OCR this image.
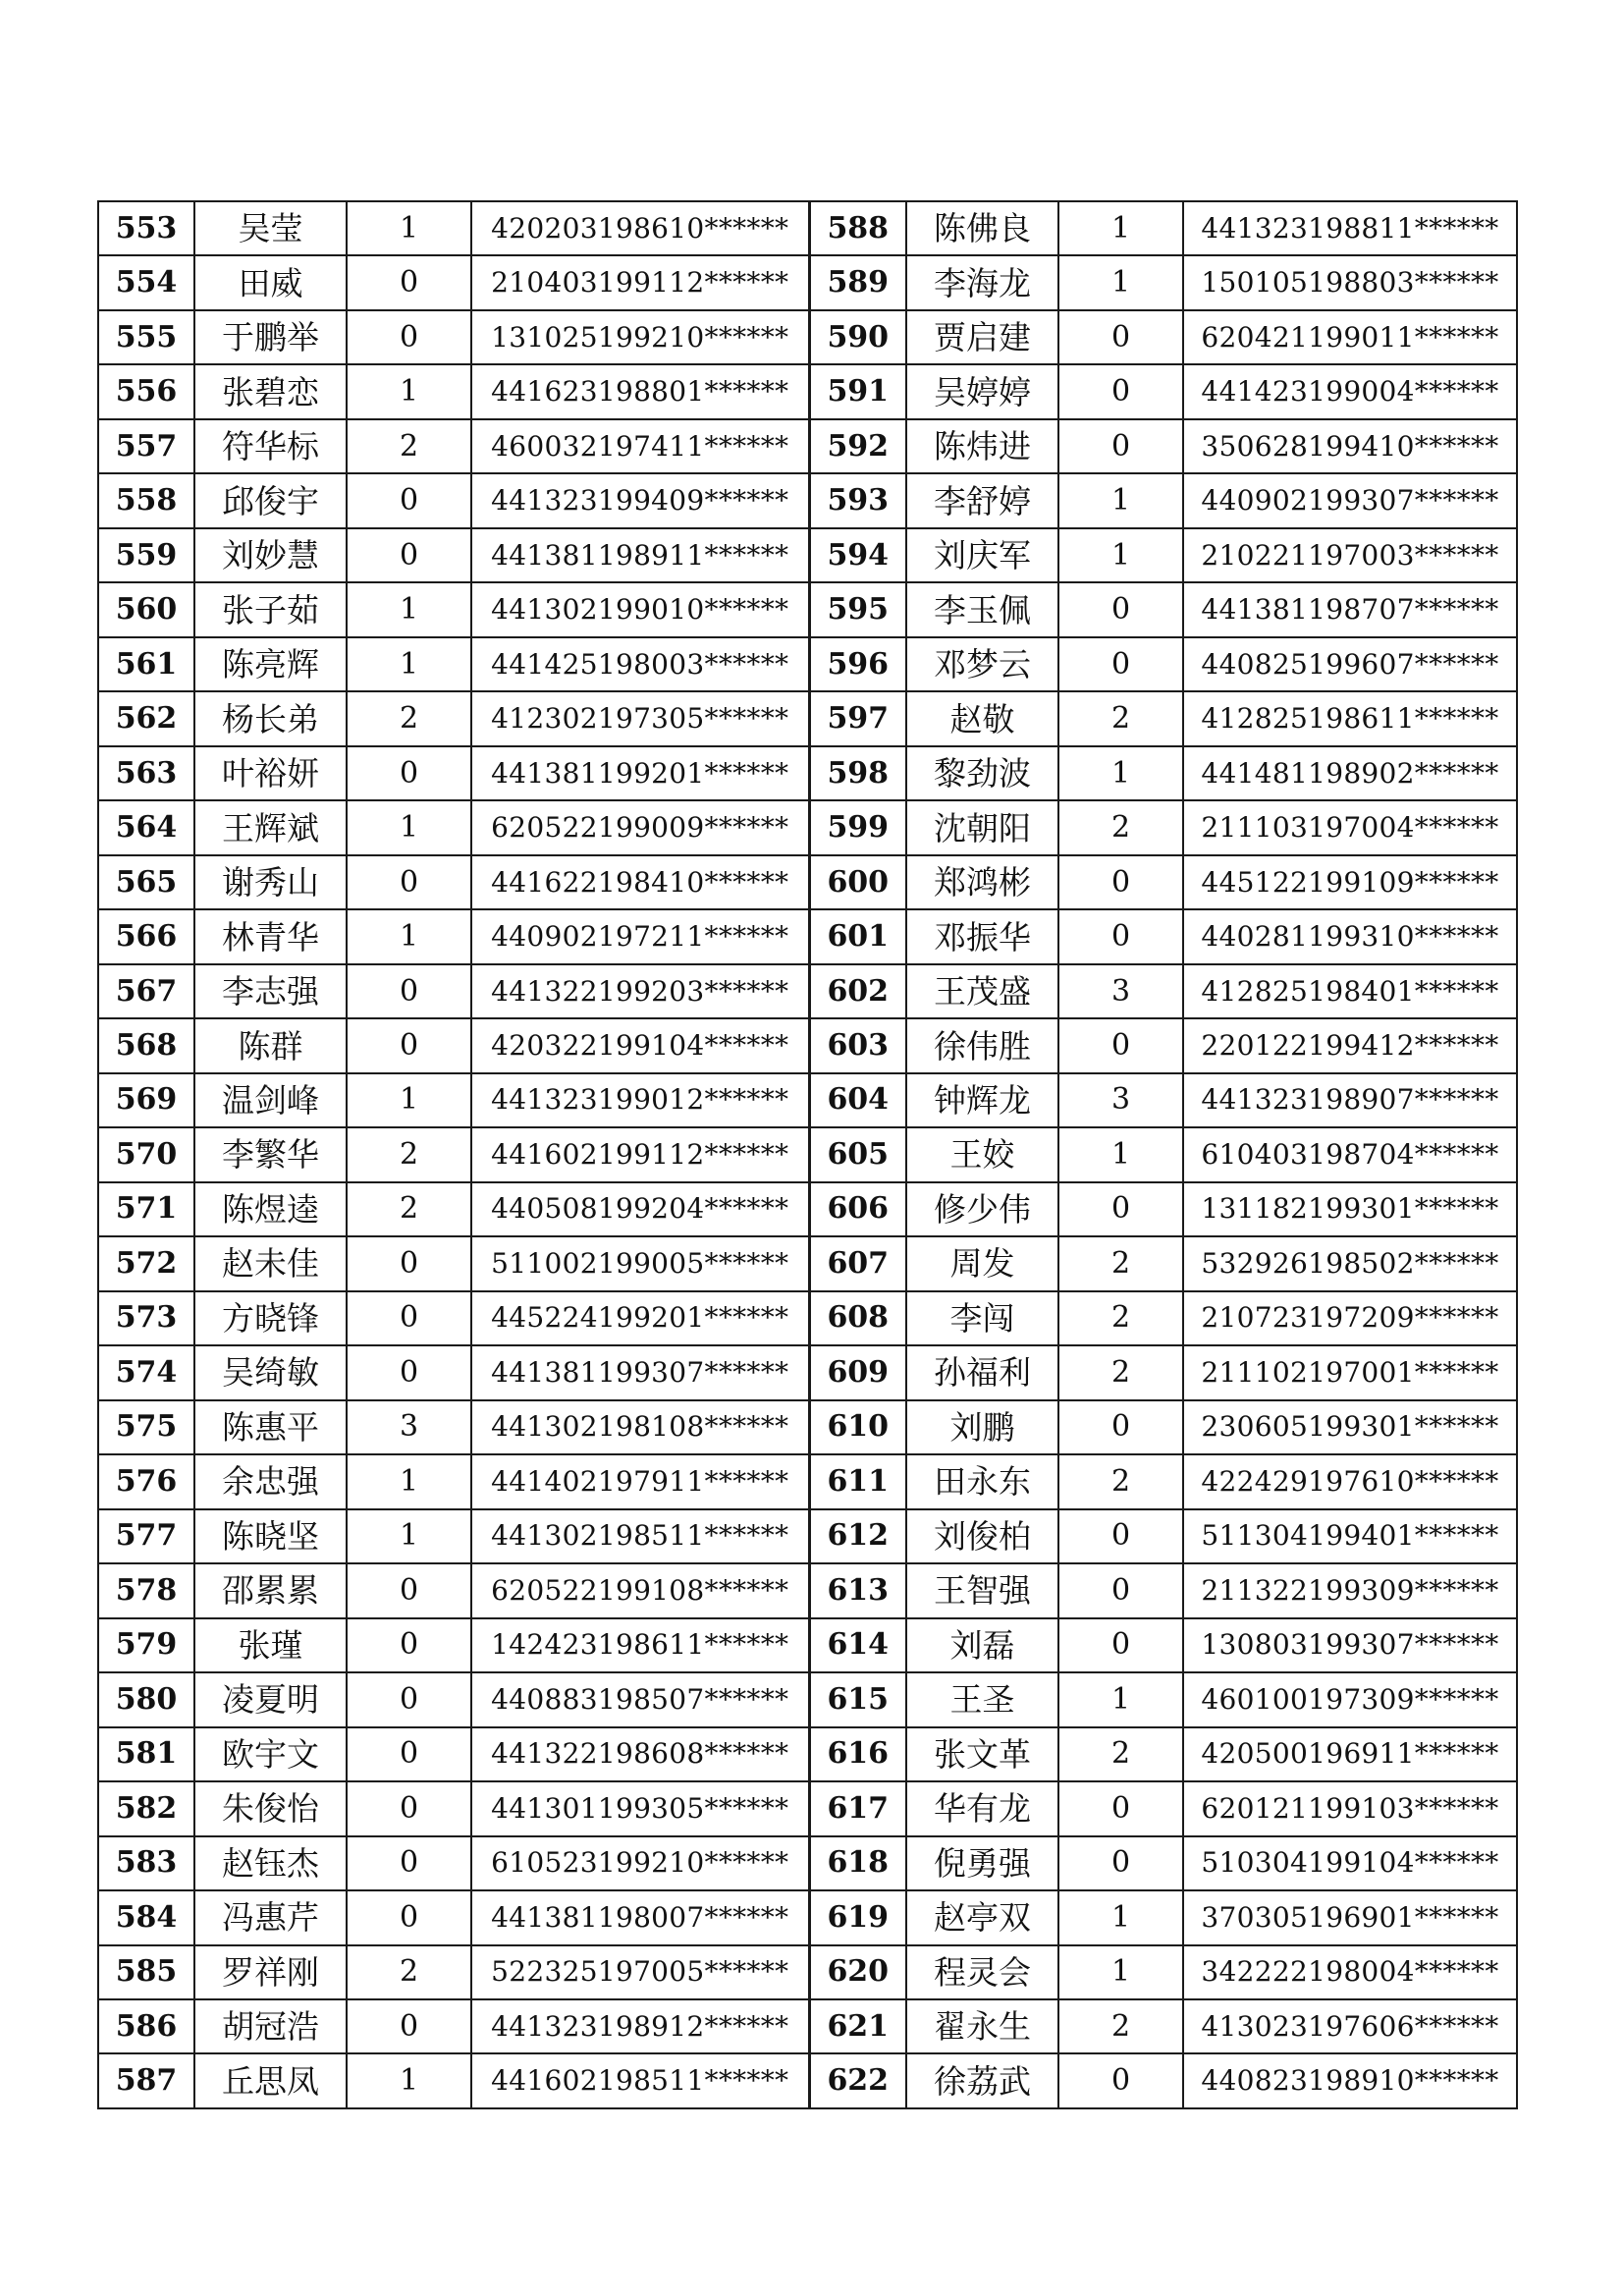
553	吴莹	1	420203198610******	588	陈佛良	1	441323198811******
554	田威	0	210403199112******	589	李海龙	1	150105198803******
555	于鹏举	0	131025199210******	590	贾启建	0	620421199011******
556	张碧恋	1	441623198801******	591	吴婷婷	0	441423199004******
557	符华标	2	460032197411******	592	陈炜进	0	350628199410******
558	邱俊宇	0	441323199409******	593	李舒婷	1	440902199307******
559	刘妙慧	0	441381198911******	594	刘庆军	1	210221197003******
560	张子茹	1	441302199010******	595	李玉佩	0	441381198707******
561	陈亮辉	1	441425198003******	596	邓梦云	0	440825199607******
562	杨长弟	2	412302197305******	597	赵敬	2	412825198611******
563	叶裕妍	0	441381199201******	598	黎劲波	1	441481198902******
564	王辉斌	1	620522199009******	599	沈朝阳	2	211103197004******
565	谢秀山	0	441622198410******	600	郑鸿彬	0	445122199109******
566	林青华	1	440902197211******	601	邓振华	0	440281199310******
567	李志强	0	441322199203******	602	王茂盛	3	412825198401******
568	陈群	0	420322199104******	603	徐伟胜	0	220122199412******
569	温剑峰	1	441323199012******	604	钟辉龙	3	441323198907******
570	李繁华	2	441602199112******	605	王姣	1	610403198704******
571	陈煜逵	2	440508199204******	606	修少伟	0	131182199301******
572	赵未佳	0	511002199005******	607	周发	2	532926198502******
573	方晓锋	0	445224199201******	608	李闯	2	210723197209******
574	吴绮敏	0	441381199307******	609	孙福利	2	211102197001******
575	陈惠平	3	441302198108******	610	刘鹏	0	230605199301******
576	余忠强	1	441402197911******	611	田永东	2	422429197610******
577	陈晓坚	1	441302198511******	612	刘俊柏	0	511304199401******
578	邵累累	0	620522199108******	613	王智强	0	211322199309******
579	张瑾	0	142423198611******	614	刘磊	0	130803199307******
580	凌夏明	0	440883198507******	615	王圣	1	460100197309******
581	欧宇文	0	441322198608******	616	张文革	2	420500196911******
582	朱俊怡	0	441301199305******	617	华有龙	0	620121199103******
583	赵钰杰	0	610523199210******	618	倪勇强	0	510304199104******
584	冯惠芹	0	441381198007******	619	赵亭双	1	370305196901******
585	罗祥刚	2	522325197005******	620	程灵会	1	342222198004******
586	胡冠浩	0	441323198912******	621	翟永生	2	413023197606******
587	丘思凤	1	441602198511******	622	徐荔武	0	440823198910******
